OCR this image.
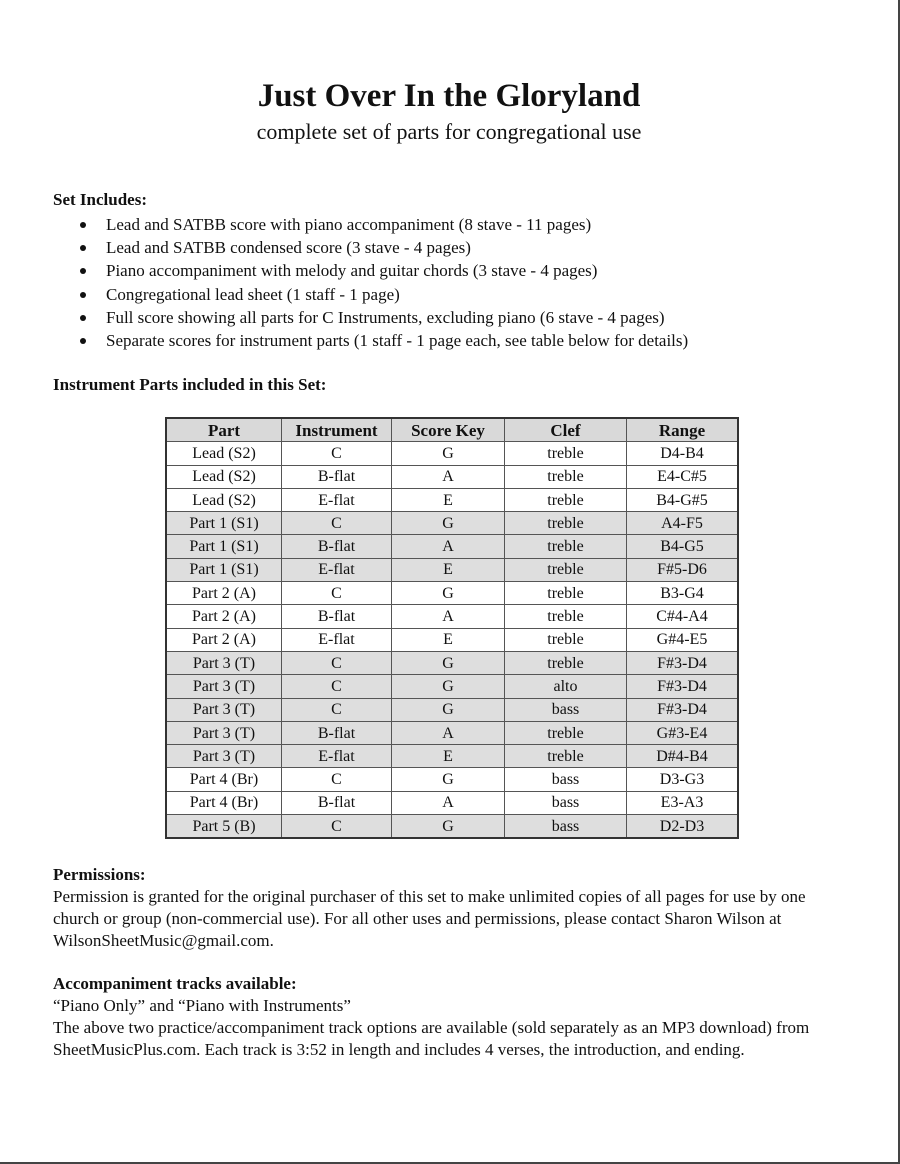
Just Over In the Gloryland
complete set of parts for congregational use
Set Includes:
Lead and SATBB score with piano accompaniment (8 stave - 11 pages)
Lead and SATBB condensed score (3 stave - 4 pages)
Piano accompaniment with melody and guitar chords (3 stave - 4 pages)
Congregational lead sheet (1 staff - 1 page)
Full score showing all parts for C Instruments, excluding piano (6 stave - 4 pages)
Separate scores for instrument parts (1 staff - 1 page each, see table below for details)
Instrument Parts included in this Set:
Part	Instrument	Score Key	Clef	Range
Lead (S2)	C	G	treble	D4-B4
Lead (S2)	B-flat	A	treble	E4-C#5
Lead (S2)	E-flat	E	treble	B4-G#5
Part 1 (S1)	C	G	treble	A4-F5
Part 1 (S1)	B-flat	A	treble	B4-G5
Part 1 (S1)	E-flat	E	treble	F#5-D6
Part 2 (A)	C	G	treble	B3-G4
Part 2 (A)	B-flat	A	treble	C#4-A4
Part 2 (A)	E-flat	E	treble	G#4-E5
Part 3 (T)	C	G	treble	F#3-D4
Part 3 (T)	C	G	alto	F#3-D4
Part 3 (T)	C	G	bass	F#3-D4
Part 3 (T)	B-flat	A	treble	G#3-E4
Part 3 (T)	E-flat	E	treble	D#4-B4
Part 4 (Br)	C	G	bass	D3-G3
Part 4 (Br)	B-flat	A	bass	E3-A3
Part 5 (B)	C	G	bass	D2-D3
Permissions:
Permission is granted for the original purchaser of this set to make unlimited copies of all pages for use by one church or group (non-commercial use). For all other uses and permissions, please contact Sharon Wilson at WilsonSheetMusic@gmail.com.
Accompaniment tracks available:
“Piano Only” and “Piano with Instruments”
The above two practice/accompaniment track options are available (sold separately as an MP3 download) from SheetMusicPlus.com. Each track is 3:52 in length and includes 4 verses, the introduction, and ending.
